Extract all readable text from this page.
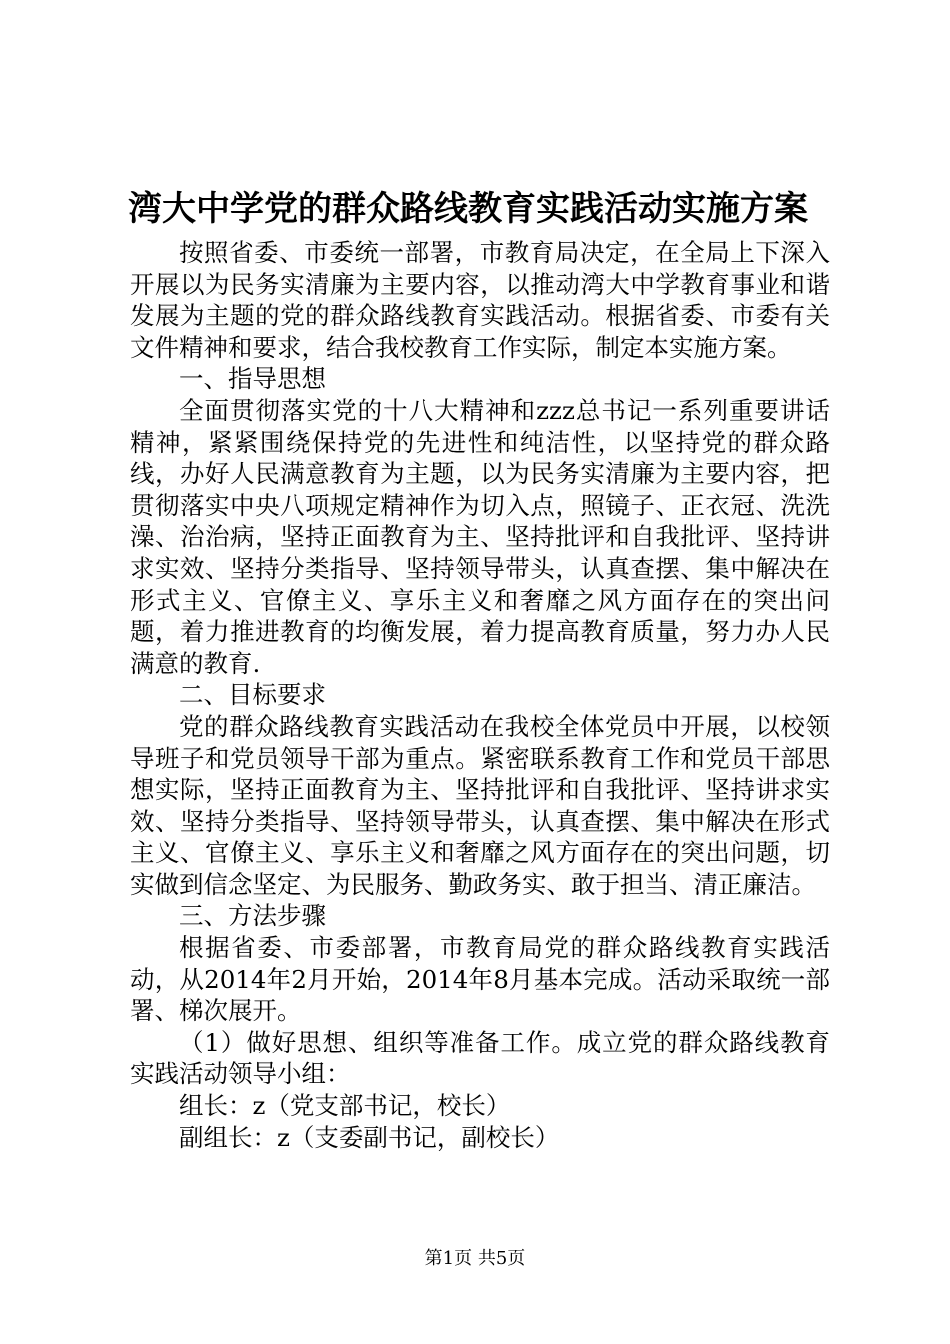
湾大中学党的群众路线教育实践活动实施方案

按照省委、市委统一部署，市教育局决定，在全局上下深入开展以为民务实清廉为主要内容，以推动湾大中学教育事业和谐发展为主题的党的群众路线教育实践活动。根据省委、市委有关文件精神和要求，结合我校教育工作实际，制定本实施方案。

一、指导思想

全面贯彻落实党的十八大精神和zzz总书记一系列重要讲话精神，紧紧围绕保持党的先进性和纯洁性，以坚持党的群众路线，办好人民满意教育为主题，以为民务实清廉为主要内容，把贯彻落实中央八项规定精神作为切入点，照镜子、正衣冠、洗洗澡、治治病，坚持正面教育为主、坚持批评和自我批评、坚持讲求实效、坚持分类指导、坚持领导带头，认真查摆、集中解决在形式主义、官僚主义、享乐主义和奢靡之风方面存在的突出问题，着力推进教育的均衡发展，着力提高教育质量，努力办人民满意的教育.

二、目标要求

党的群众路线教育实践活动在我校全体党员中开展，以校领导班子和党员领导干部为重点。紧密联系教育工作和党员干部思想实际，坚持正面教育为主、坚持批评和自我批评、坚持讲求实效、坚持分类指导、坚持领导带头，认真查摆、集中解决在形式主义、官僚主义、享乐主义和奢靡之风方面存在的突出问题，切实做到信念坚定、为民服务、勤政务实、敢于担当、清正廉洁。

三、方法步骤

根据省委、市委部署，市教育局党的群众路线教育实践活动，从2014年2月开始，2014年8月基本完成。活动采取统一部署、梯次展开。

（1）做好思想、组织等准备工作。成立党的群众路线教育实践活动领导小组：

组长：z（党支部书记，校长）

副组长：z（支委副书记，副校长）

第1页 共5页
